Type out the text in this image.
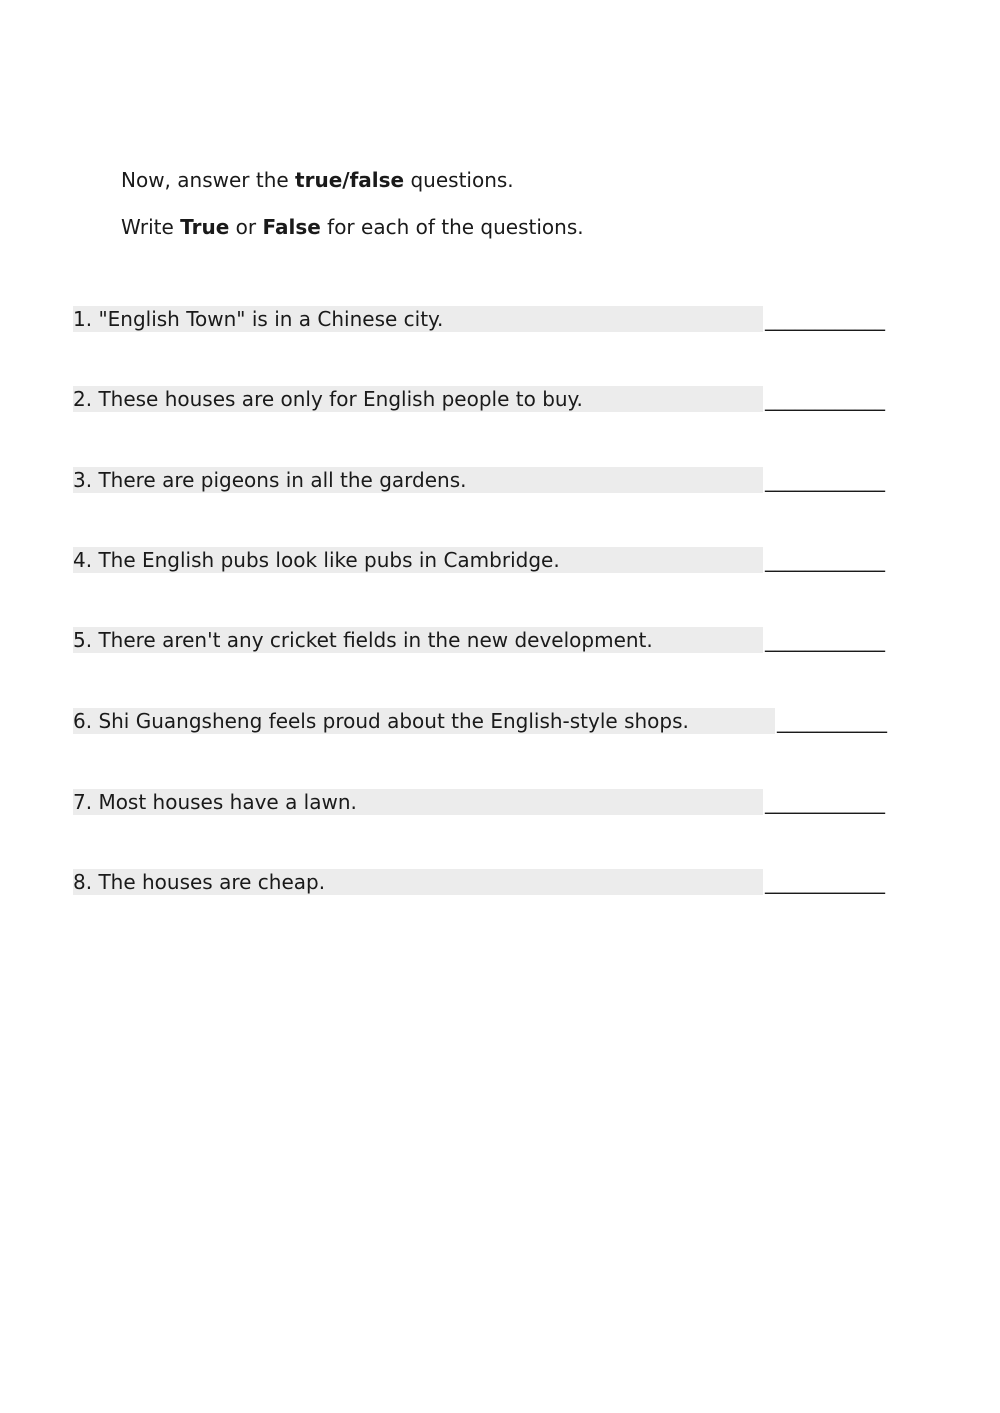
Now, answer the true/false questions.
Write True or False for each of the questions.
1. "English Town" is in a Chinese city.	____________
2. These houses are only for English people to buy.	____________
3. There are pigeons in all the gardens.	____________
4. The English pubs look like pubs in Cambridge.	____________
5. There aren't any cricket fields in the new development.	____________
6. Shi Guangsheng feels proud about the English-style shops.	___________
7. Most houses have a lawn.	____________
8. The houses are cheap.	____________
